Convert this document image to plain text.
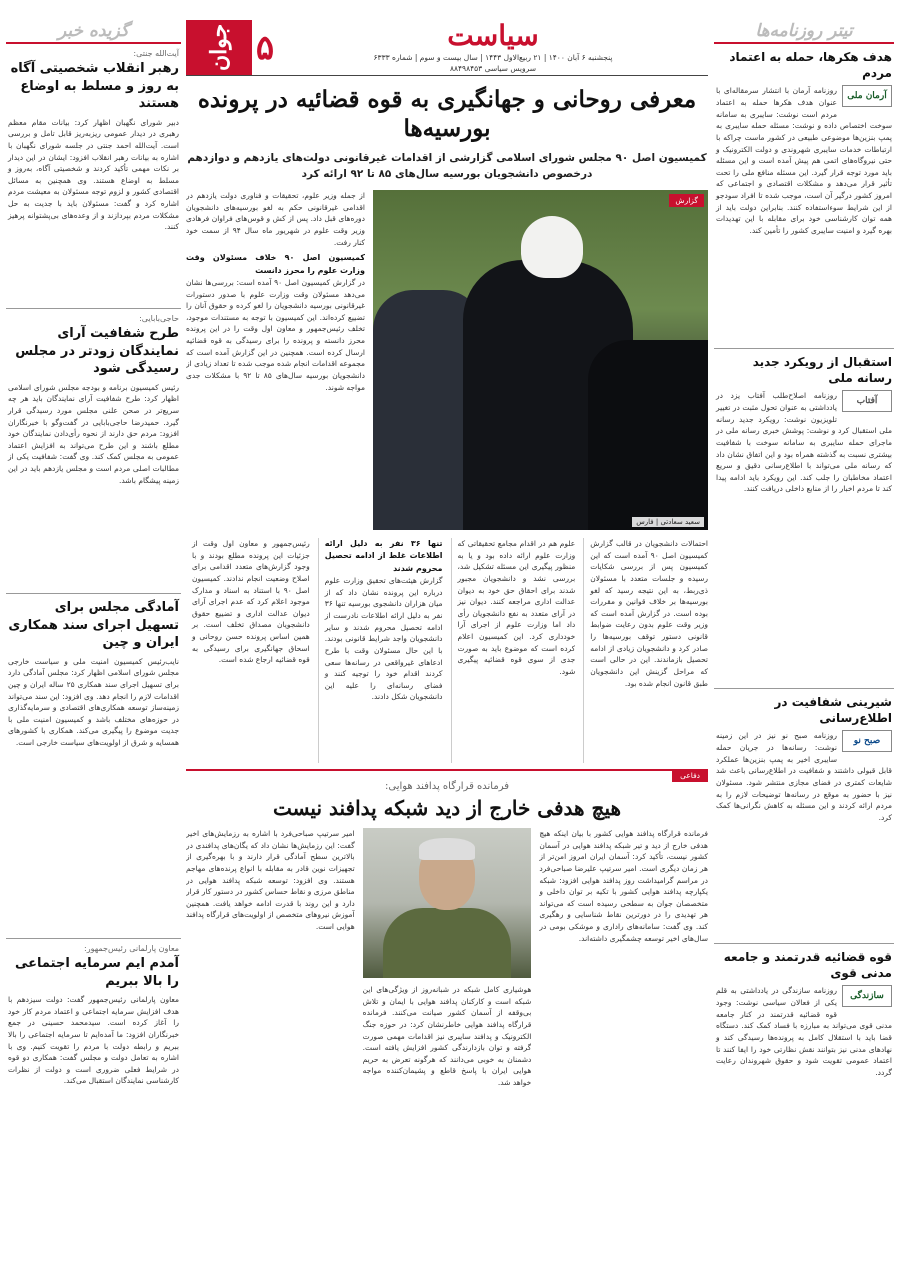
تیتر روزنامه‌ها
هدف هکرها، حمله به اعتماد مردم
آرمان ملی
روزنامه آرمان با انتشار سرمقاله‌ای با عنوان هدف هکرها حمله به اعتماد مردم است نوشت: سایبری به سامانه سوخت اختصاص داده و نوشت: مسئله حمله سایبری به پمپ بنزین‌ها موضوعی طبیعی در کشور ماست چراکه با ارتباطات خدمات سایبری شهروندی و دولت الکترونیک و حتی نیروگاه‌های اتمی هم پیش آمده است و این مسئله باید مورد توجه قرار گیرد. این مسئله منافع ملی را تحت تأثیر قرار می‌دهد و مشکلات اقتصادی و اجتماعی که امروز کشور درگیر آن است، موجب شده تا افراد سودجو از این شرایط سوءاستفاده کنند. بنابراین دولت باید از همه توان کارشناسی خود برای مقابله با این تهدیدات بهره گیرد و امنیت سایبری کشور را تأمین کند.
استقبال از رویکرد جدید رسانه ملی
آفتاب
روزنامه اصلاح‌طلب آفتاب یزد در یادداشتی به عنوان تحول مثبت در تغییر تلویزیون نوشت: رویکرد جدید رسانه ملی استقبال کرد و نوشت: پوشش خبری رسانه ملی در ماجرای حمله سایبری به سامانه سوخت با شفافیت بیشتری نسبت به گذشته همراه بود و این اتفاق نشان داد که رسانه ملی می‌تواند با اطلاع‌رسانی دقیق و سریع اعتماد مخاطبان را جلب کند. این رویکرد باید ادامه پیدا کند تا مردم اخبار را از منابع داخلی دریافت کنند.
شیرینی شفافیت در اطلاع‌رسانی
صبح نو
روزنامه صبح نو نیز در این زمینه نوشت: رسانه‌ها در جریان حمله سایبری اخیر به پمپ بنزین‌ها عملکرد قابل قبولی داشتند و شفافیت در اطلاع‌رسانی باعث شد شایعات کمتری در فضای مجازی منتشر شود. مسئولان نیز با حضور به موقع در رسانه‌ها توضیحات لازم را به مردم ارائه کردند و این مسئله به کاهش نگرانی‌ها کمک کرد.
قوه قضائیه قدرتمند و جامعه مدنی قوی
سازندگی
روزنامه سازندگی در یادداشتی به قلم یکی از فعالان سیاسی نوشت: وجود قوه قضائیه قدرتمند در کنار جامعه مدنی قوی می‌تواند به مبارزه با فساد کمک کند. دستگاه قضا باید با استقلال کامل به پرونده‌ها رسیدگی کند و نهادهای مدنی نیز بتوانند نقش نظارتی خود را ایفا کنند تا اعتماد عمومی تقویت شود و حقوق شهروندان رعایت گردد.
گزیده خبر
آیت‌الله جنتی:
رهبر انقلاب شخصیتی آگاه به روز و مسلط به اوضاع هستند
دبیر شورای نگهبان اظهار کرد: بیانات مقام معظم رهبری در دیدار عمومی ریزبه‌ریز قابل تامل و بررسی است. آیت‌الله احمد جنتی در جلسه شورای نگهبان با اشاره به بیانات رهبر انقلاب افزود: ایشان در این دیدار بر نکات مهمی تأکید کردند و شخصیتی آگاه، به‌روز و مسلط به اوضاع هستند. وی همچنین به مسائل اقتصادی کشور و لزوم توجه مسئولان به معیشت مردم اشاره کرد و گفت: مسئولان باید با جدیت به حل مشکلات مردم بپردازند و از وعده‌های بی‌پشتوانه پرهیز کنند.
حاجی‌بابایی:
طرح شفافیت آرای نمایندگان زودتر در مجلس رسیدگی شود
رئیس کمیسیون برنامه و بودجه مجلس شورای اسلامی اظهار کرد: طرح شفافیت آرای نمایندگان باید هر چه سریع‌تر در صحن علنی مجلس مورد رسیدگی قرار گیرد. حمیدرضا حاجی‌بابایی در گفت‌وگو با خبرنگاران افزود: مردم حق دارند از نحوه رأی‌دادن نمایندگان خود مطلع باشند و این طرح می‌تواند به افزایش اعتماد عمومی به مجلس کمک کند. وی گفت: شفافیت یکی از مطالبات اصلی مردم است و مجلس یازدهم باید در این زمینه پیشگام باشد.
آمادگی مجلس برای تسهیل اجرای سند همکاری ایران و چین
نایب‌رئیس کمیسیون امنیت ملی و سیاست خارجی مجلس شورای اسلامی اظهار کرد: مجلس آمادگی دارد برای تسهیل اجرای سند همکاری ۲۵ ساله ایران و چین اقدامات لازم را انجام دهد. وی افزود: این سند می‌تواند زمینه‌ساز توسعه همکاری‌های اقتصادی و سرمایه‌گذاری در حوزه‌های مختلف باشد و کمیسیون امنیت ملی با جدیت موضوع را پیگیری می‌کند. همکاری با کشورهای همسایه و شرق از اولویت‌های سیاست خارجی است.
معاون پارلمانی رئیس‌جمهور:
آمدم ایم سرمایه اجتماعی را بالا ببریم
معاون پارلمانی رئیس‌جمهور گفت: دولت سیزدهم با هدف افزایش سرمایه اجتماعی و اعتماد مردم کار خود را آغاز کرده است. سیدمحمد حسینی در جمع خبرنگاران افزود: ما آمده‌ایم تا سرمایه اجتماعی را بالا ببریم و رابطه دولت با مردم را تقویت کنیم. وی با اشاره به تعامل دولت و مجلس گفت: همکاری دو قوه در شرایط فعلی ضروری است و دولت از نظرات کارشناسی نمایندگان استقبال می‌کند.
جوان ۵	سیاست
پنجشنبه ۶ آبان ۱۴۰۰ | ۲۱ ربیع‌الاول ۱۴۴۳ | سال بیست و سوم | شماره ۶۳۳۳
سرویس سیاسی ۸۸۴۹۸۴۵۳
معرفی روحانی و جهانگیری به قوه قضائیه در پرونده بورسیه‌ها
کمیسیون اصل ۹۰ مجلس شورای اسلامی گزارشی از اقدامات غیرقانونی دولت‌های یازدهم و دوازدهم
درخصوص دانشجویان بورسیه سال‌های ۸۵ تا ۹۲ ارائه کرد

از جمله وزیر علوم، تحقیقات و فناوری دولت یازدهم در اقدامی غیرقانونی حکم به لغو بورسیه‌های دانشجویان دوره‌های قبل داد. پس از کش و قوس‌های فراوان فرهادی وزیر وقت علوم در شهریور ماه سال ۹۴ از سمت خود کنار رفت.

کمیسیون اصل ۹۰ خلاف مسئولان وقت وزارت علوم را محرز دانست

در گزارش کمیسیون اصل ۹۰ آمده است: بررسی‌ها نشان می‌دهد مسئولان وقت وزارت علوم با صدور دستورات غیرقانونی بورسیه دانشجویان را لغو کرده و حقوق آنان را تضییع کرده‌اند. این کمیسیون با توجه به مستندات موجود، تخلف رئیس‌جمهور و معاون اول وقت را در این پرونده محرز دانسته و پرونده را برای رسیدگی به قوه قضائیه ارسال کرده است. همچنین در این گزارش آمده است که مجموعه اقدامات انجام شده موجب شده تا تعداد زیادی از دانشجویان بورسیه سال‌های ۸۵ تا ۹۲ با مشکلات جدی مواجه شوند.

گزارش
سعید سعادتی | فارس

احتمالات دانشجویان در قالب گزارش کمیسیون اصل ۹۰ آمده است که این کمیسیون پس از بررسی شکایات رسیده و جلسات متعدد با مسئولان ذی‌ربط، به این نتیجه رسید که لغو بورسیه‌ها بر خلاف قوانین و مقررات بوده است. در گزارش آمده است که وزیر وقت علوم بدون رعایت ضوابط قانونی دستور توقف بورسیه‌ها را صادر کرد و دانشجویان زیادی از ادامه تحصیل بازماندند. این در حالی است که مراحل گزینش این دانشجویان طبق قانون انجام شده بود.

علوم هم در اقدام مجامع تحقیقاتی که وزارت علوم ارائه داده بود و یا به منظور پیگیری این مسئله تشکیل شد، بررسی نشد و دانشجویان مجبور شدند برای احقاق حق خود به دیوان عدالت اداری مراجعه کنند. دیوان نیز در آرای متعدد به نفع دانشجویان رأی داد اما وزارت علوم از اجرای آرا خودداری کرد. این کمیسیون اعلام کرده است که موضوع باید به صورت جدی از سوی قوه قضائیه پیگیری شود.

تنها ۳۶ نفر به دلیل ارائه اطلاعات غلط از ادامه تحصیل محروم شدند

گزارش هیئت‌های تحقیق وزارت علوم درباره این پرونده نشان داد که از میان هزاران دانشجوی بورسیه تنها ۳۶ نفر به دلیل ارائه اطلاعات نادرست از ادامه تحصیل محروم شدند و سایر دانشجویان واجد شرایط قانونی بودند. با این حال مسئولان وقت با طرح ادعاهای غیرواقعی در رسانه‌ها سعی کردند اقدام خود را توجیه کنند و فضای رسانه‌ای را علیه این دانشجویان شکل دادند.

رئیس‌جمهور و معاون اول وقت از جزئیات این پرونده مطلع بودند و با وجود گزارش‌های متعدد اقدامی برای اصلاح وضعیت انجام ندادند. کمیسیون اصل ۹۰ با استناد به اسناد و مدارک موجود اعلام کرد که عدم اجرای آرای دیوان عدالت اداری و تضییع حقوق دانشجویان مصداق تخلف است. بر همین اساس پرونده حسن روحانی و اسحاق جهانگیری برای رسیدگی به قوه قضائیه ارجاع شده است.

دفاعی
فرمانده قرارگاه پدافند هوایی:
هیچ هدفی خارج از دید شبکه پدافند نیست

فرمانده قرارگاه پدافند هوایی کشور با بیان اینکه هیچ هدفی خارج از دید و تیر شبکه پدافند هوایی در آسمان کشور نیست، تأکید کرد: آسمان ایران امروز امن‌تر از هر زمان دیگری است. امیر سرتیپ علیرضا صباحی‌فرد در مراسم گرامیداشت روز پدافند هوایی افزود: شبکه یکپارچه پدافند هوایی کشور با تکیه بر توان داخلی و متخصصان جوان به سطحی رسیده است که می‌تواند هر تهدیدی را در دورترین نقاط شناسایی و رهگیری کند. وی گفت: سامانه‌های راداری و موشکی بومی در سال‌های اخیر توسعه چشمگیری داشته‌اند.

هوشیاری کامل شبکه در شبانه‌روز از ویژگی‌های این شبکه است و کارکنان پدافند هوایی با ایمان و تلاش بی‌وقفه از آسمان کشور صیانت می‌کنند. فرمانده قرارگاه پدافند هوایی خاطرنشان کرد: در حوزه جنگ الکترونیک و پدافند سایبری نیز اقدامات مهمی صورت گرفته و توان بازدارندگی کشور افزایش یافته است. دشمنان به خوبی می‌دانند که هرگونه تعرض به حریم هوایی ایران با پاسخ قاطع و پشیمان‌کننده مواجه خواهد شد.

امیر سرتیپ صباحی‌فرد با اشاره به رزمایش‌های اخیر گفت: این رزمایش‌ها نشان داد که یگان‌های پدافندی در بالاترین سطح آمادگی قرار دارند و با بهره‌گیری از تجهیزات نوین قادر به مقابله با انواع پرنده‌های مهاجم هستند. وی افزود: توسعه شبکه پدافند هوایی در مناطق مرزی و نقاط حساس کشور در دستور کار قرار دارد و این روند با قدرت ادامه خواهد یافت. همچنین آموزش نیروهای متخصص از اولویت‌های قرارگاه پدافند هوایی است.
